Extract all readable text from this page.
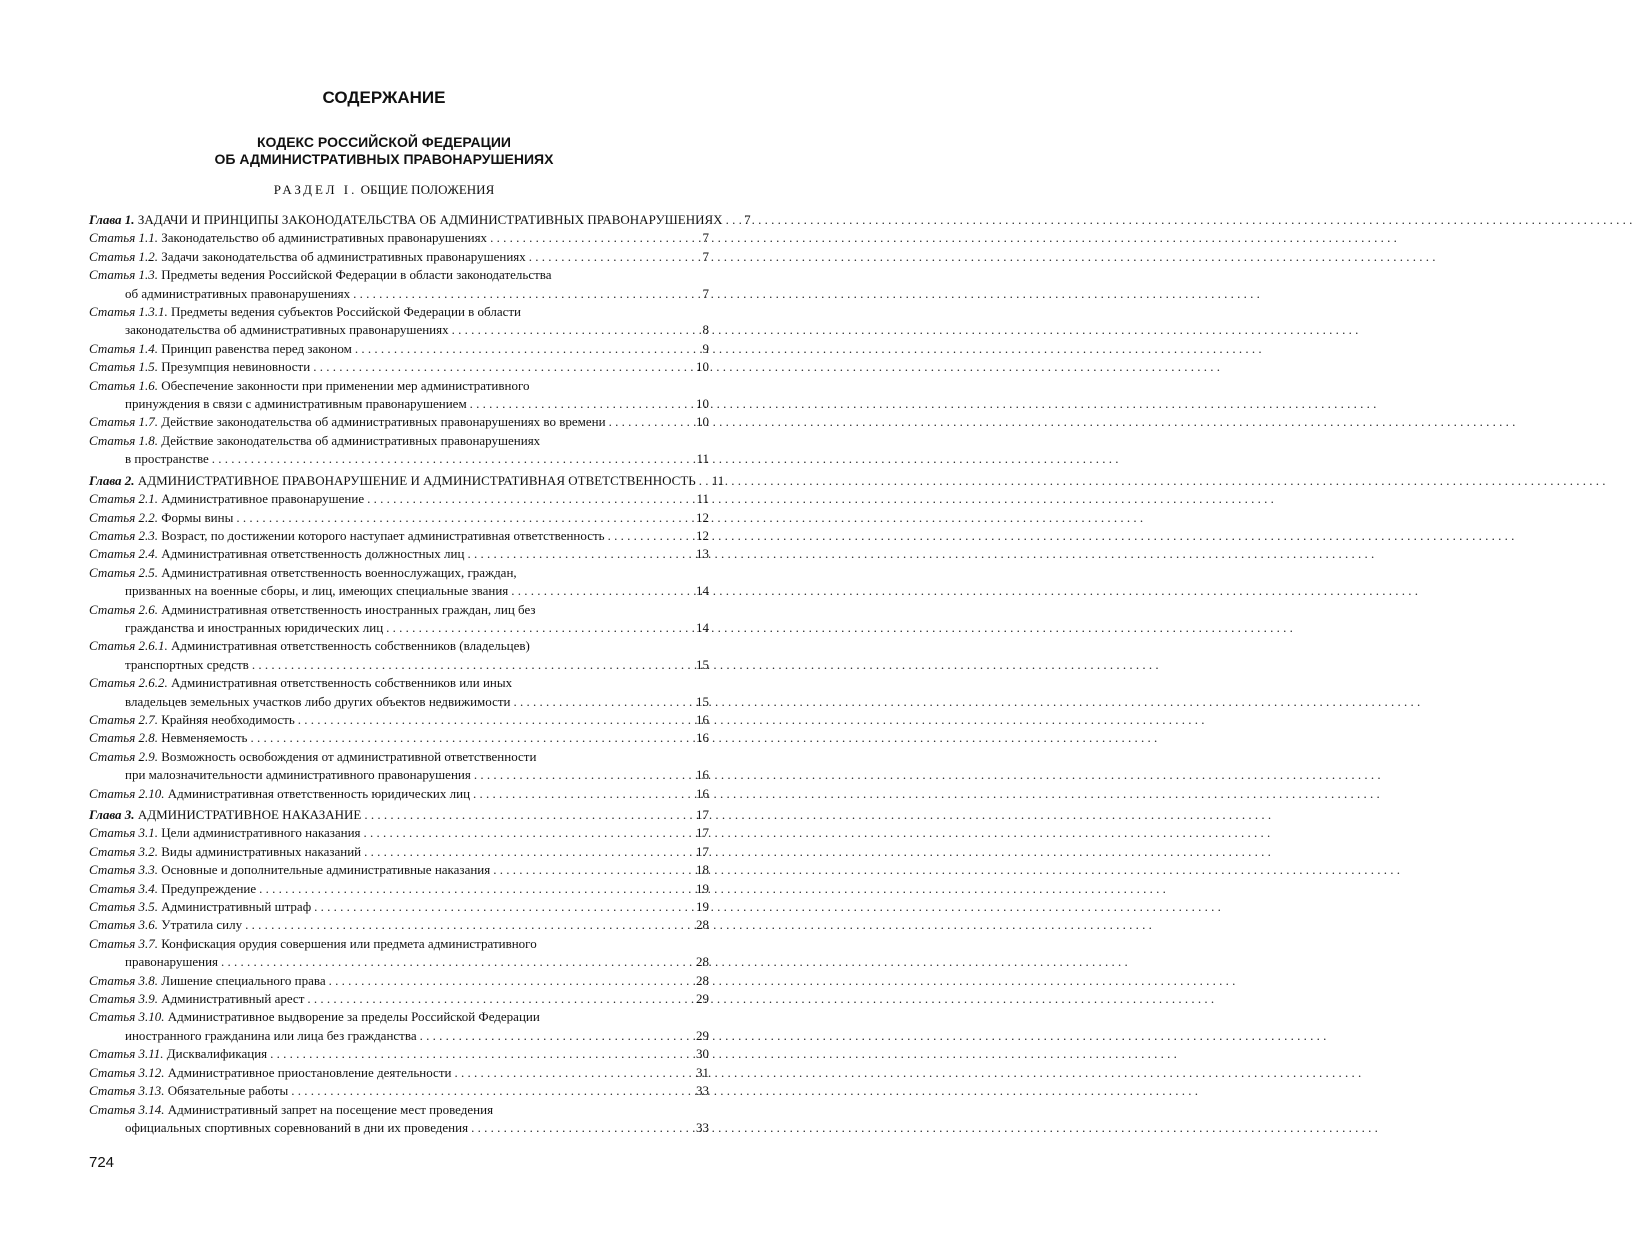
СОДЕРЖАНИЕ
КОДЕКС РОССИЙСКОЙ ФЕДЕРАЦИИ
ОБ АДМИНИСТРАТИВНЫХ ПРАВОНАРУШЕНИЯХ
РАЗДЕЛ I. ОБЩИЕ ПОЛОЖЕНИЯ
Глава 1. ЗАДАЧИ И ПРИНЦИПЫ ЗАКОНОДАТЕЛЬСТВА ОБ АДМИНИСТРАТИВНЫХ ПРАВОНАРУШЕНИЯХ . . .	7
Статья 1.1. Законодательство об административных правонарушениях . . .	7
Статья 1.2. Задачи законодательства об административных правонарушениях . . .	7
Статья 1.3. Предметы ведения Российской Федерации в области законодательства
об административных правонарушениях . . .	7
Статья 1.3.1. Предметы ведения субъектов Российской Федерации в области
законодательства об административных правонарушениях . . .	8
Статья 1.4. Принцип равенства перед законом . . .	9
Статья 1.5. Презумпция невиновности . . .	10
Статья 1.6. Обеспечение законности при применении мер административного
принуждения в связи с административным правонарушением . . .	10
Статья 1.7. Действие законодательства об административных правонарушениях во времени . . .	10
Статья 1.8. Действие законодательства об административных правонарушениях
в пространстве . . .	11
Глава 2. АДМИНИСТРАТИВНОЕ ПРАВОНАРУШЕНИЕ И АДМИНИСТРАТИВНАЯ ОТВЕТСТВЕННОСТЬ . . . 11
Статья 2.1. Административное правонарушение . . .	11
Статья 2.2. Формы вины . . .	12
Статья 2.3. Возраст, по достижении которого наступает административная ответственность . . .	12
Статья 2.4. Административная ответственность должностных лиц . . .	13
Статья 2.5. Административная ответственность военнослужащих, граждан,
призванных на военные сборы, и лиц, имеющих специальные звания . . .	14
Статья 2.6. Административная ответственность иностранных граждан, лиц без
гражданства и иностранных юридических лиц . . .	14
Статья 2.6.1. Административная ответственность собственников (владельцев)
транспортных средств . . .	15
Статья 2.6.2. Административная ответственность собственников или иных
владельцев земельных участков либо других объектов недвижимости . . .	15
Статья 2.7. Крайняя необходимость . . .	16
Статья 2.8. Невменяемость . . .	16
Статья 2.9. Возможность освобождения от административной ответственности
при малозначительности административного правонарушения . . .	16
Статья 2.10. Административная ответственность юридических лиц . . .	16
Глава 3. АДМИНИСТРАТИВНОЕ НАКАЗАНИЕ . . .	17
Статья 3.1. Цели административного наказания . . .	17
Статья 3.2. Виды административных наказаний . . .	17
Статья 3.3. Основные и дополнительные административные наказания . . .	18
Статья 3.4. Предупреждение . . .	19
Статья 3.5. Административный штраф . . .	19
Статья 3.6. Утратила силу . . .	28
Статья 3.7. Конфискация орудия совершения или предмета административного
правонарушения . . .	28
Статья 3.8. Лишение специального права . . .	28
Статья 3.9. Административный арест . . .	29
Статья 3.10. Административное выдворение за пределы Российской Федерации
иностранного гражданина или лица без гражданства . . .	29
Статья 3.11. Дисквалификация . . .	30
Статья 3.12. Административное приостановление деятельности . . .	31
Статья 3.13. Обязательные работы . . .	33
Статья 3.14. Административный запрет на посещение мест проведения
официальных спортивных соревнований в дни их проведения . . .	33
724
